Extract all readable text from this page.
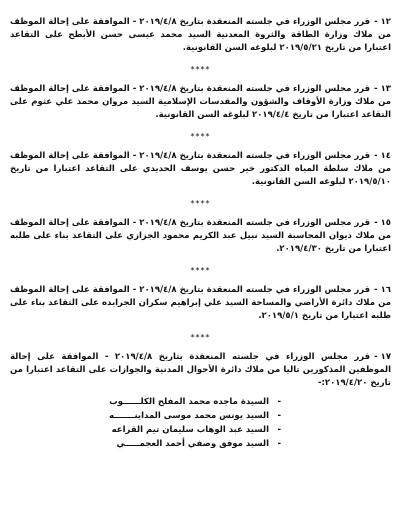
١٢ -قرر مجلس الوزراء في جلسته المنعقدة بتاريخ ٢٠١٩/٤/٨ - الموافقة على إحالة الموظف من ملاك وزارة الطاقة والثروة المعدنية السيد محمد عيسى حسن الأبطح على التقاعد اعتبارا من تاريخ ٢٠١٩/٥/٢١ لبلوغه السن القانونية.

****

١٣ -قرر مجلس الوزراء في جلسته المنعقدة بتاريخ ٢٠١٩/٤/٨ - الموافقة على إحالة الموظف من ملاك وزارة الأوقاف والشؤون والمقدسات الإسلامية السيد مروان محمد علي عثوم على التقاعد اعتبارا من تاريخ ٢٠١٩/٤/٤ لبلوغه السن القانونية.

****

١٤ -قرر مجلس الوزراء في جلسته المنعقدة بتاريخ ٢٠١٩/٤/٨ - الموافقة على إحالة الموظف من ملاك سلطة المياه الدكتور خير حسن يوسف الحديدي على التقاعد اعتبارا من تاريخ ٢٠١٩/٥/١٠ لبلوغه السن القانونية.

****

١٥ -قرر مجلس الوزراء في جلسته المنعقدة بتاريخ ٢٠١٩/٤/٨ - الموافقة على إحالة الموظف من ملاك ديوان المحاسبة السيد نبيل عبد الكريم محمود الجزازي على التقاعد بناء على طلبه اعتبارا من تاريخ ٢٠١٩/٤/٣٠.

****

١٦ -قرر مجلس الوزراء في جلسته المنعقدة بتاريخ ٢٠١٩/٤/٨ - الموافقة على إحالة الموظف من ملاك دائرة الأراضي والمساحة السيد علي إبراهيم سكران الجرايده على التقاعد بناء على طلبه اعتبارا من تاريخ ٢٠١٩/٥/١.

****

١٧ -قرر مجلس الوزراء في جلسته المنعقدة بتاريخ ٢٠١٩/٤/٨ - الموافقة على إحالة الموظفين المذكورين تاليا من ملاك دائرة الأحوال المدنية والجوازات على التقاعد اعتبارا من تاريخ ٢٠١٩/٤/٢٠:-

- السيدة ماجده محمد المفلح الكلــــــوب
- السيد يونس محمد موسى المداينـــــــه
- السيد عبد الوهاب سليمان تيم القراعه
- السيد موفق وصفي أحمد العجمـــــي
